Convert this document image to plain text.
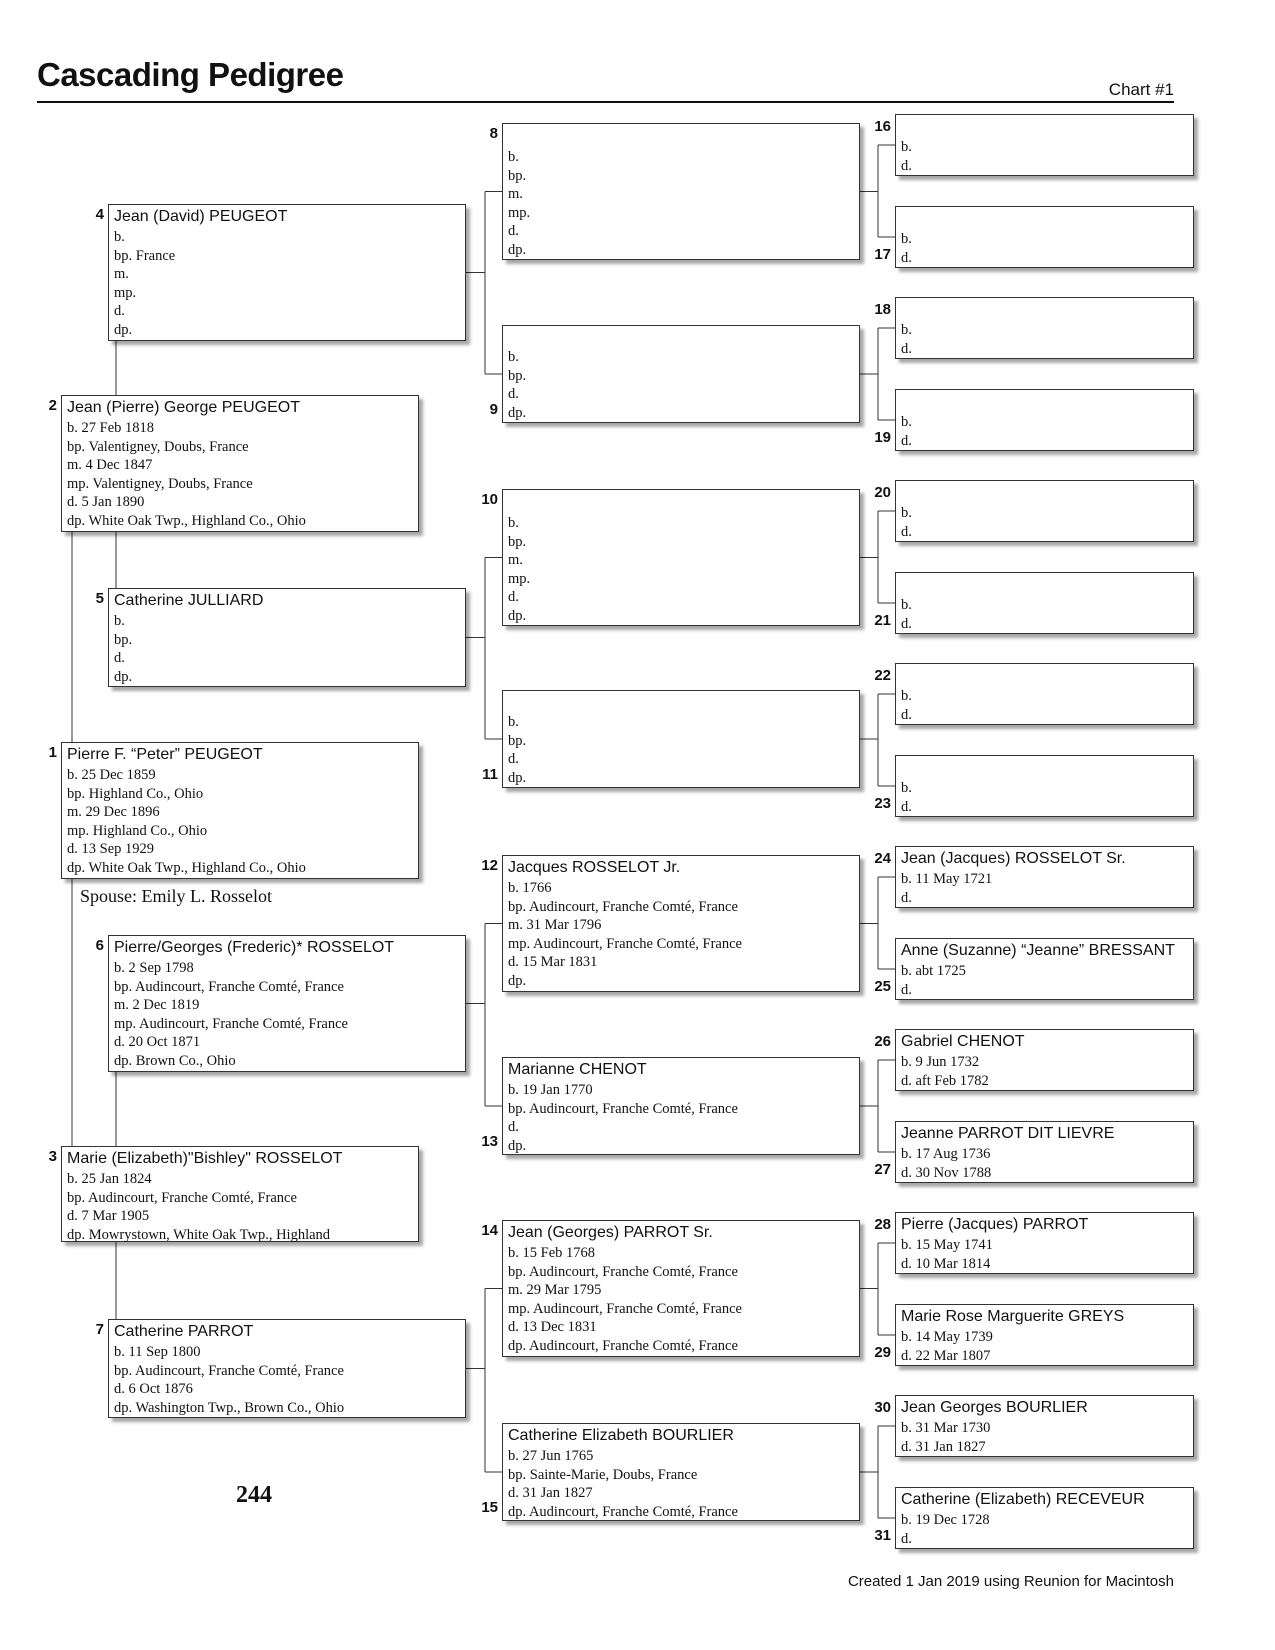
Cascading Pedigree	Chart #1
Pierre F. “Peter” PEUGEOT
b. 25 Dec 1859
bp. Highland Co., Ohio
m. 29 Dec 1896
mp. Highland Co., Ohio
d. 13 Sep 1929
dp. White Oak Twp., Highland Co., Ohio
1
Jean (Pierre) George PEUGEOT
b. 27 Feb 1818
bp. Valentigney, Doubs, France
m. 4 Dec 1847
mp. Valentigney, Doubs, France
d. 5 Jan 1890
dp. White Oak Twp., Highland Co., Ohio
2
Marie (Elizabeth)"Bishley" ROSSELOT
b. 25 Jan 1824
bp. Audincourt, Franche Comté, France
d. 7 Mar 1905
dp. Mowrystown, White Oak Twp., Highland
3
Jean (David) PEUGEOT
b.
bp. France
m.
mp.
d.
dp.
4
Catherine JULLIARD
b.
bp.
d.
dp.
5
Pierre/Georges (Frederic)* ROSSELOT
b. 2 Sep 1798
bp. Audincourt, Franche Comté, France
m. 2 Dec 1819
mp. Audincourt, Franche Comté, France
d. 20 Oct 1871
dp. Brown Co., Ohio
6
Catherine PARROT
b. 11 Sep 1800
bp. Audincourt, Franche Comté, France
d. 6 Oct 1876
dp. Washington Twp., Brown Co., Ohio
7
b.
bp.
m.
mp.
d.
dp.
8
b.
bp.
d.
dp.
9
b.
bp.
m.
mp.
d.
dp.
10
b.
bp.
d.
dp.
11
Jacques ROSSELOT Jr.
b. 1766
bp. Audincourt, Franche Comté, France
m. 31 Mar 1796
mp. Audincourt, Franche Comté, France
d. 15 Mar 1831
dp.
12
Marianne CHENOT
b. 19 Jan 1770
bp. Audincourt, Franche Comté, France
d.
dp.
13
Jean (Georges) PARROT Sr.
b. 15 Feb 1768
bp. Audincourt, Franche Comté, France
m. 29 Mar 1795
mp. Audincourt, Franche Comté, France
d. 13 Dec 1831
dp. Audincourt, Franche Comté, France
14
Catherine Elizabeth BOURLIER
b. 27 Jun 1765
bp. Sainte-Marie, Doubs, France
d. 31 Jan 1827
dp. Audincourt, Franche Comté, France
15
b.
d.
16
b.
d.
17
b.
d.
18
b.
d.
19
b.
d.
20
b.
d.
21
b.
d.
22
b.
d.
23
Jean (Jacques) ROSSELOT Sr.
b. 11 May 1721
d.
24
Anne (Suzanne) “Jeanne” BRESSANT
b. abt 1725
d.
25
Gabriel CHENOT
b. 9 Jun 1732
d. aft Feb 1782
26
Jeanne PARROT DIT LIEVRE
b. 17 Aug 1736
d. 30 Nov 1788
27
Pierre (Jacques) PARROT
b. 15 May 1741
d. 10 Mar 1814
28
Marie Rose Marguerite GREYS
b. 14 May 1739
d. 22 Mar 1807
29
Jean Georges BOURLIER
b. 31 Mar 1730
d. 31 Jan 1827
30
Catherine (Elizabeth) RECEVEUR
b. 19 Dec 1728
d.
31
Spouse: Emily L. Rosselot
244
Created 1 Jan 2019 using Reunion for Macintosh
